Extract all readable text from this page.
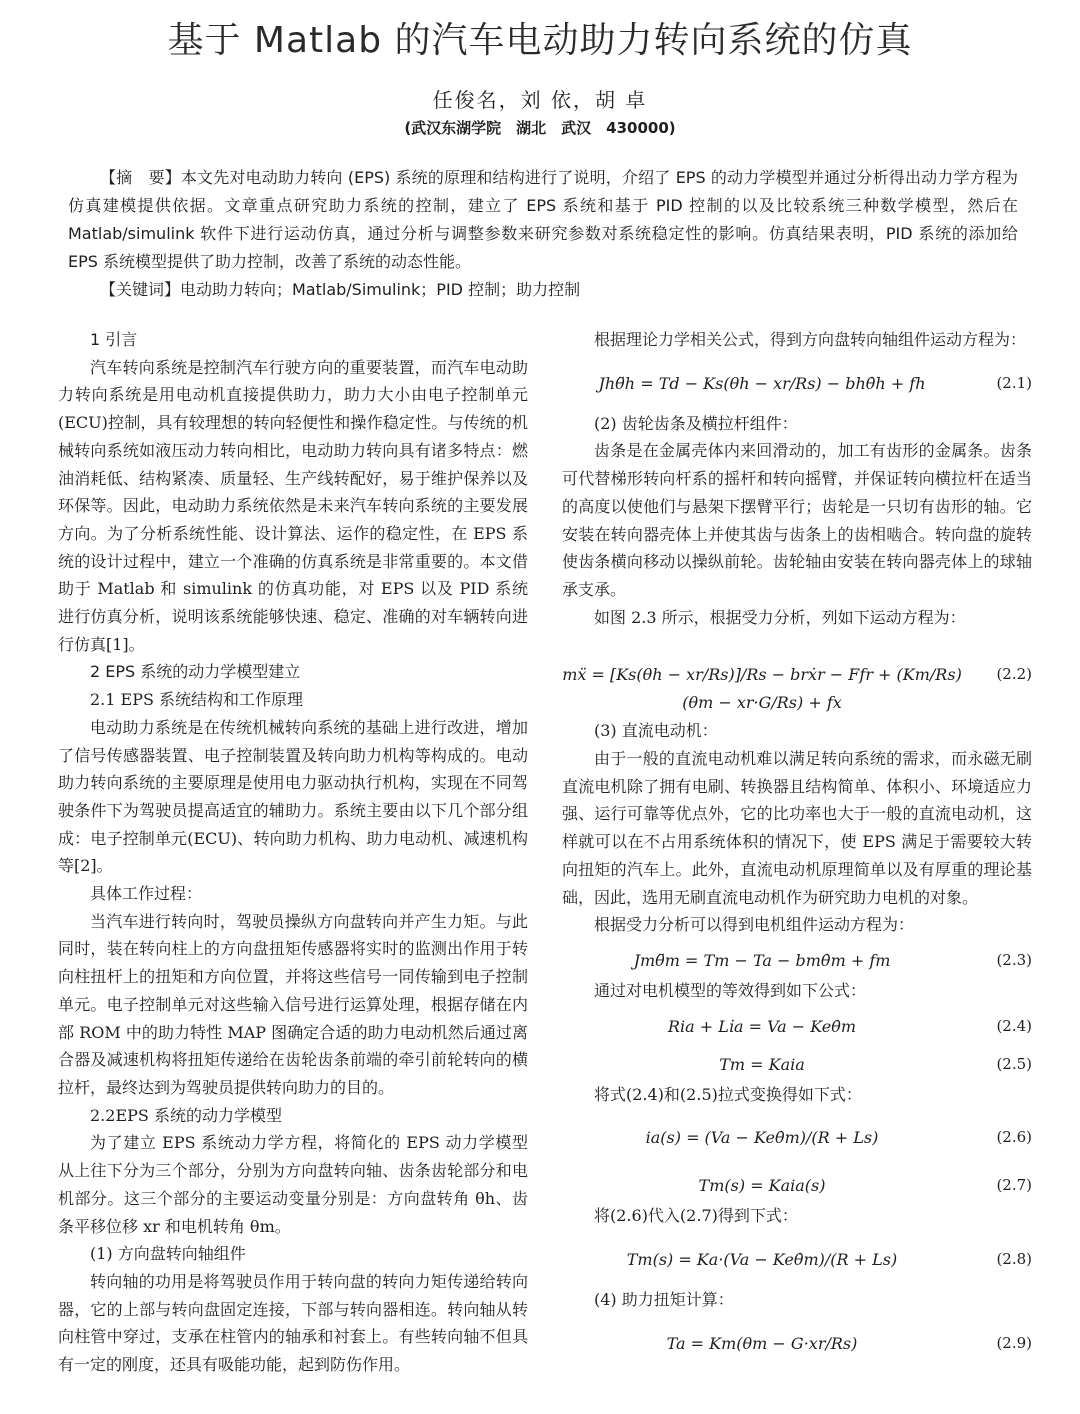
基于 Matlab 的汽车电动助力转向系统的仿真
任俊名，刘 依，胡 卓
(武汉东湖学院　湖北　武汉　430000)

【摘　要】本文先对电动助力转向 (EPS) 系统的原理和结构进行了说明，介绍了 EPS 的动力学模型并通过分析得出动力学方程为仿真建模提供依据。文章重点研究助力系统的控制，建立了 EPS 系统和基于 PID 控制的以及比较系统三种数学模型，然后在 Matlab/simulink 软件下进行运动仿真，通过分析与调整参数来研究参数对系统稳定性的影响。仿真结果表明，PID 系统的添加给 EPS 系统模型提供了助力控制，改善了系统的动态性能。

【关键词】电动助力转向；Matlab/Simulink；PID 控制；助力控制

1 引言

汽车转向系统是控制汽车行驶方向的重要装置，而汽车电动助力转向系统是用电动机直接提供助力，助力大小由电子控制单元(ECU)控制，具有较理想的转向轻便性和操作稳定性。与传统的机械转向系统如液压动力转向相比，电动助力转向具有诸多特点：燃油消耗低、结构紧凑、质量轻、生产线转配好，易于维护保养以及环保等。因此，电动助力系统依然是未来汽车转向系统的主要发展方向。为了分析系统性能、设计算法、运作的稳定性，在 EPS 系统的设计过程中，建立一个准确的仿真系统是非常重要的。本文借助于 Matlab 和 simulink 的仿真功能，对 EPS 以及 PID 系统进行仿真分析，说明该系统能够快速、稳定、准确的对车辆转向进行仿真[1]。

2 EPS 系统的动力学模型建立

2.1 EPS 系统结构和工作原理

电动助力系统是在传统机械转向系统的基础上进行改进，增加了信号传感器装置、电子控制装置及转向助力机构等构成的。电动助力转向系统的主要原理是使用电力驱动执行机构，实现在不同驾驶条件下为驾驶员提高适宜的辅助力。系统主要由以下几个部分组成：电子控制单元(ECU)、转向助力机构、助力电动机、减速机构等[2]。

具体工作过程：

当汽车进行转向时，驾驶员操纵方向盘转向并产生力矩。与此同时，装在转向柱上的方向盘扭矩传感器将实时的监测出作用于转向柱扭杆上的扭矩和方向位置，并将这些信号一同传输到电子控制单元。电子控制单元对这些输入信号进行运算处理，根据存储在内部 ROM 中的助力特性 MAP 图确定合适的助力电动机然后通过离合器及减速机构将扭矩传递给在齿轮齿条前端的牵引前轮转向的横拉杆，最终达到为驾驶员提供转向助力的目的。

2.2EPS 系统的动力学模型

为了建立 EPS 系统动力学方程，将简化的 EPS 动力学模型从上往下分为三个部分，分别为方向盘转向轴、齿条齿轮部分和电机部分。这三个部分的主要运动变量分别是：方向盘转角 θh、齿条平移位移 xr 和电机转角 θm。

(1) 方向盘转向轴组件

转向轴的功用是将驾驶员作用于转向盘的转向力矩传递给转向器，它的上部与转向盘固定连接，下部与转向器相连。转向轴从转向柱管中穿过，支承在柱管内的轴承和衬套上。有些转向轴不但具有一定的刚度，还具有吸能功能，起到防伤作用。

根据理论力学相关公式，得到方向盘转向轴组件运动方程为：

Jhθ̈h = Td − Ks(θh − xr/Rs) − bhθ̇h + fh	(2.1)

(2) 齿轮齿条及横拉杆组件：

齿条是在金属壳体内来回滑动的，加工有齿形的金属条。齿条可代替梯形转向杆系的摇杆和转向摇臂，并保证转向横拉杆在适当的高度以使他们与悬架下摆臂平行；齿轮是一只切有齿形的轴。它安装在转向器壳体上并使其齿与齿条上的齿相啮合。转向盘的旋转使齿条横向移动以操纵前轮。齿轮轴由安装在转向器壳体上的球轴承支承。

如图 2.3 所示，根据受力分析，列如下运动方程为：

mẍ = [Ks(θh − xr/Rs)]/Rs − brẋr − Ffr + (Km/Rs)(θm − xr·G/Rs) + fx
(2.2)

(3) 直流电动机：

由于一般的直流电动机难以满足转向系统的需求，而永磁无刷直流电机除了拥有电刷、转换器且结构简单、体积小、环境适应力强、运行可靠等优点外，它的比功率也大于一般的直流电动机，这样就可以在不占用系统体积的情况下，使 EPS 满足于需要较大转向扭矩的汽车上。此外，直流电动机原理简单以及有厚重的理论基础，因此，选用无刷直流电动机作为研究助力电机的对象。

根据受力分析可以得到电机组件运动方程为：

Jmθ̈m = Tm − Ta − bmθ̇m + fm	(2.3)

通过对电机模型的等效得到如下公式：

Ria + Li̇a = Va − Keθ̇m	(2.4)
Tm = Kaia	(2.5)

将式(2.4)和(2.5)拉式变换得如下式：

ia(s) = (Va − Keθ̇m)/(R + Ls)	(2.6)
Tm(s) = Kaia(s)	(2.7)

将(2.6)代入(2.7)得到下式：

Tm(s) = Ka·(Va − Keθ̇m)/(R + Ls)	(2.8)

(4) 助力扭矩计算：

Ta = Km(θm − G·xr/Rs)	(2.9)
